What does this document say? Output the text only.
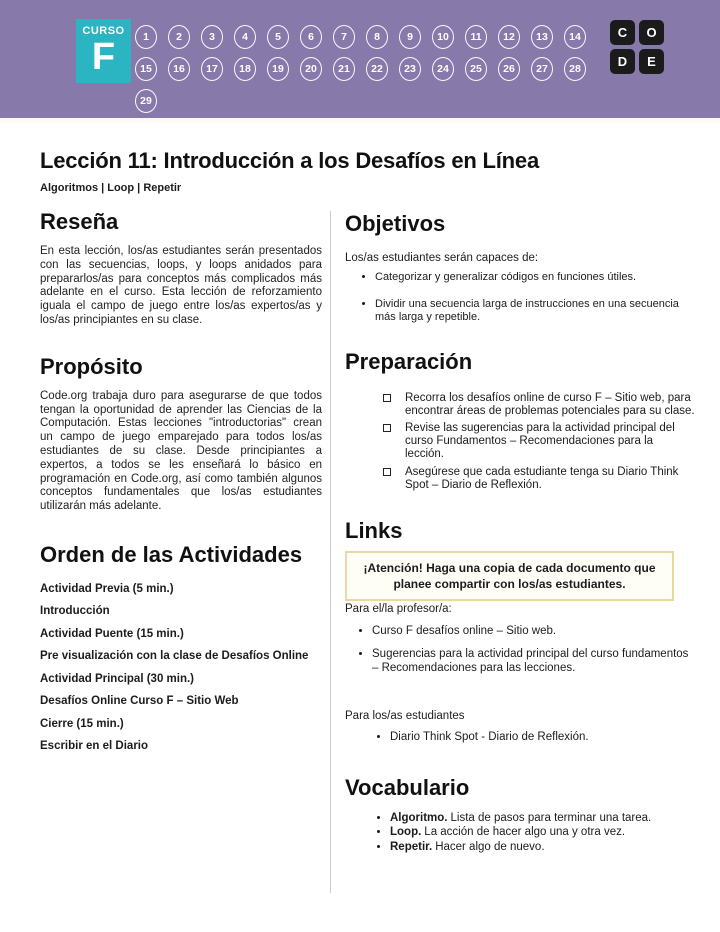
CURSO
F	1	2	3	4	5	6	7	8	9	10	11	12	13	14
15	16	17	18	19	20	21	22	23	24	25	26	27	28
29
C	O
D	E
Lección 11: Introducción a los Desafíos en Línea
Algoritmos | Loop | Repetir
Reseña

En esta lección, los/as estudiantes serán presentados con las secuencias, loops, y loops anidados para prepararlos/as para conceptos más complicados más adelante en el curso. Esta lección de reforzamiento iguala el campo de juego entre los/as expertos/as y los/as principiantes en su clase.

Propósito

Code.org trabaja duro para asegurarse de que todos tengan la oportunidad de aprender las Ciencias de la Computación. Estas lecciones "introductorias" crean un campo de juego emparejado para todos los/as estudiantes de su clase. Desde principiantes a expertos, a todos se les enseñará lo básico en programación en Code.org, así como también algunos conceptos fundamentales que los/as estudiantes utilizarán más adelante.

Orden de las Actividades
Actividad Previa (5 min.)
Introducción
Actividad Puente (15 min.)
Pre visualización con la clase de Desafíos Online
Actividad Principal (30 min.)
Desafíos Online Curso F – Sitio Web
Cierre (15 min.)
Escribir en el Diario
Objetivos

Los/as estudiantes serán capaces de:

• Categorizar y generalizar códigos en funciones útiles.
• Dividir una secuencia larga de instrucciones en una secuencia más larga y repetible.
Preparación
Recorra los desafíos online de curso F – Sitio web, para encontrar áreas de problemas potenciales para su clase.
Revise las sugerencias para la actividad principal del curso Fundamentos – Recomendaciones para la lección.
Asegúrese que cada estudiante tenga su Diario Think Spot – Diario de Reflexión.
Links
¡Atención! Haga una copia de cada documento que planee compartir con los/as estudiantes.

Para el/la profesor/a:

• Curso F desafíos online – Sitio web.
• Sugerencias para la actividad principal del curso fundamentos – Recomendaciones para las lecciones.

Para los/as estudiantes

• Diario Think Spot - Diario de Reflexión.
Vocabulario
• Algoritmo. Lista de pasos para terminar una tarea.
• Loop. La acción de hacer algo una y otra vez.
• Repetir. Hacer algo de nuevo.
